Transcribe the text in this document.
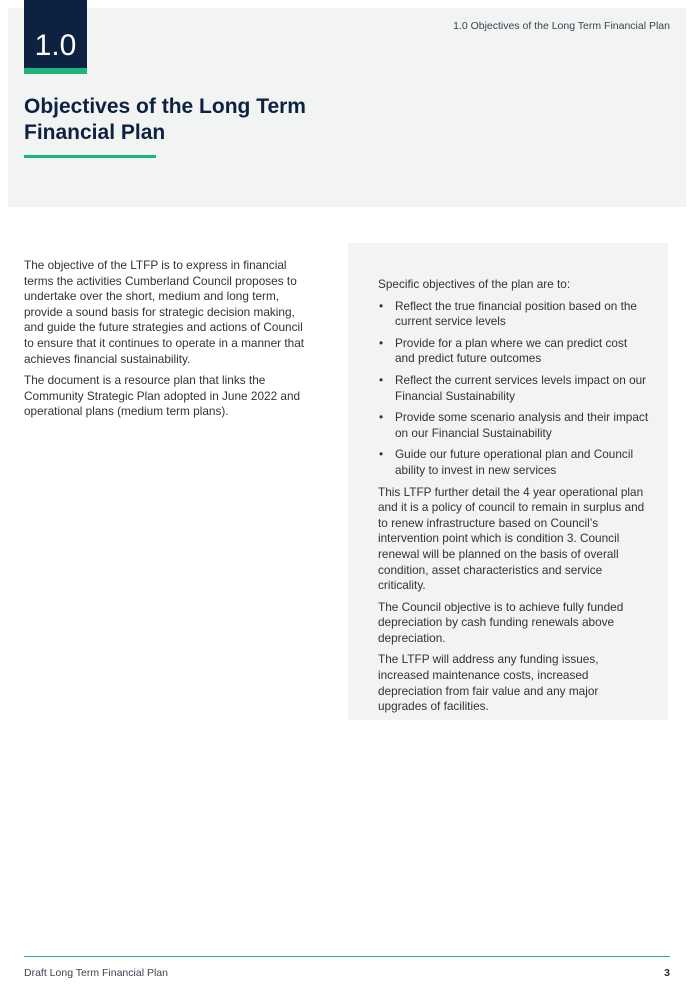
1.0
1.0 Objectives of the Long Term Financial Plan
Objectives of the Long Term Financial Plan

The objective of the LTFP is to express in financial terms the activities Cumberland Council proposes to undertake over the short, medium and long term, provide a sound basis for strategic decision making, and guide the future strategies and actions of Council to ensure that it continues to operate in a manner that achieves financial sustainability.

The document is a resource plan that links the Community Strategic Plan adopted in June 2022 and operational plans (medium term plans).

Specific objectives of the plan are to:

• Reflect the true financial position based on the current service levels
• Provide for a plan where we can predict cost and predict future outcomes
• Reflect the current services levels impact on our Financial Sustainability
• Provide some scenario analysis and their impact on our Financial Sustainability
• Guide our future operational plan and Council ability to invest in new services

This LTFP further detail the 4 year operational plan and it is a policy of council to remain in surplus and to renew infrastructure based on Council’s intervention point which is condition 3. Council renewal will be planned on the basis of overall condition, asset characteristics and service criticality.

The Council objective is to achieve fully funded depreciation by cash funding renewals above depreciation.

The LTFP will address any funding issues, increased maintenance costs, increased depreciation from fair value and any major upgrades of facilities.

Draft Long Term Financial Plan	3
